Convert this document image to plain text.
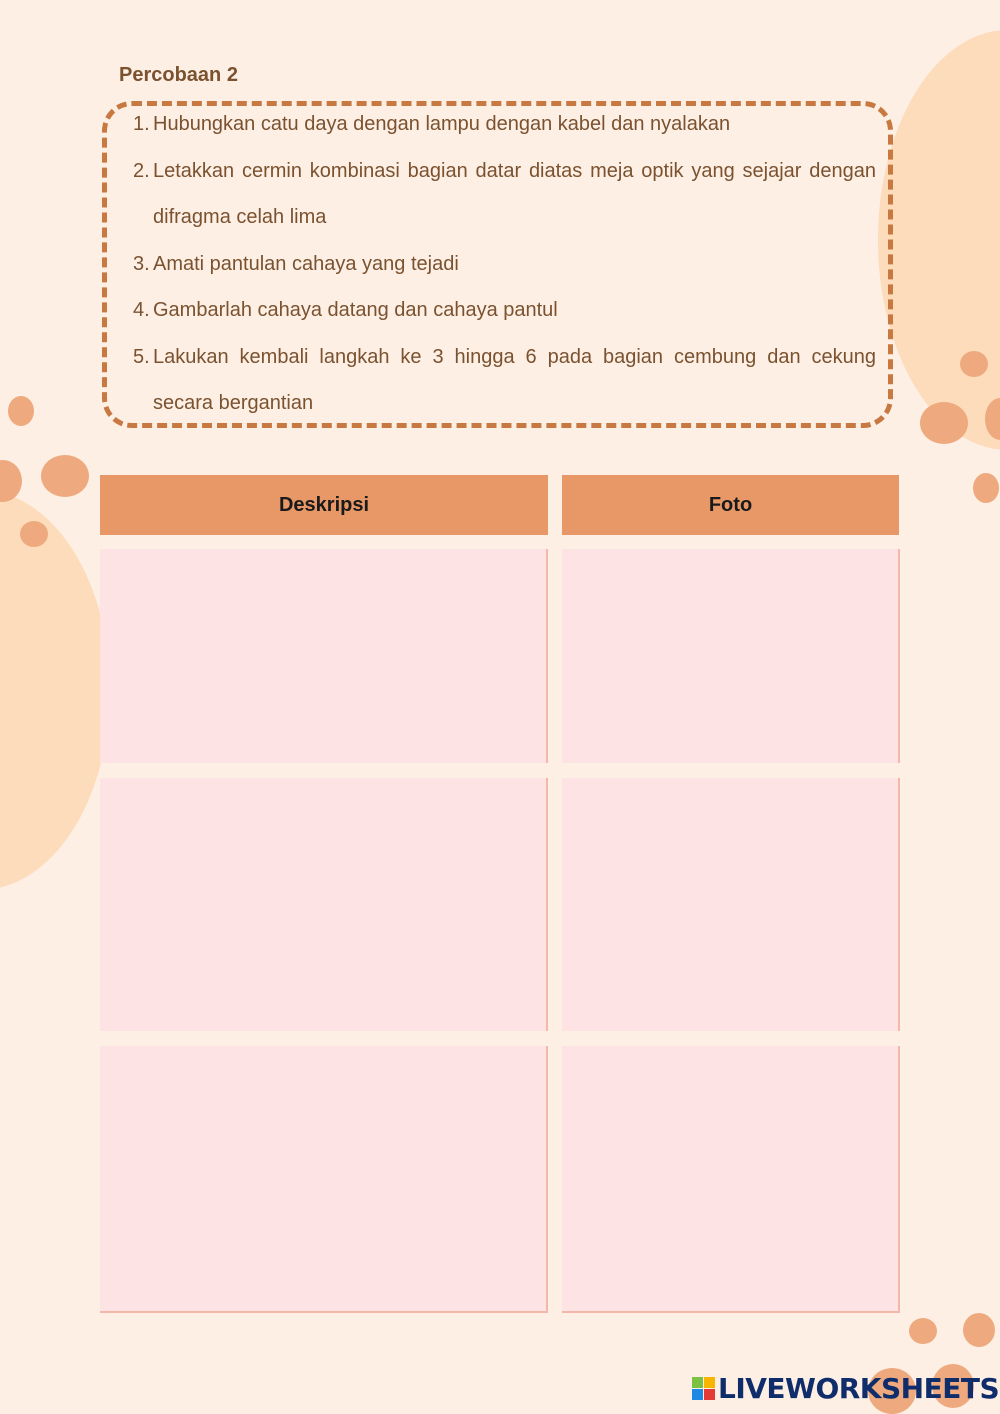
Percobaan 2
1. Hubungkan catu daya dengan lampu dengan kabel dan nyalakan
2. Letakkan cermin kombinasi bagian datar diatas meja optik yang sejajar dengan difragma celah lima
3. Amati pantulan cahaya yang tejadi
4. Gambarlah cahaya datang dan cahaya pantul
5. Lakukan kembali langkah ke 3 hingga 6 pada bagian cembung dan cekung secara bergantian
Deskripsi	Foto
LIVEWORKSHEETS
